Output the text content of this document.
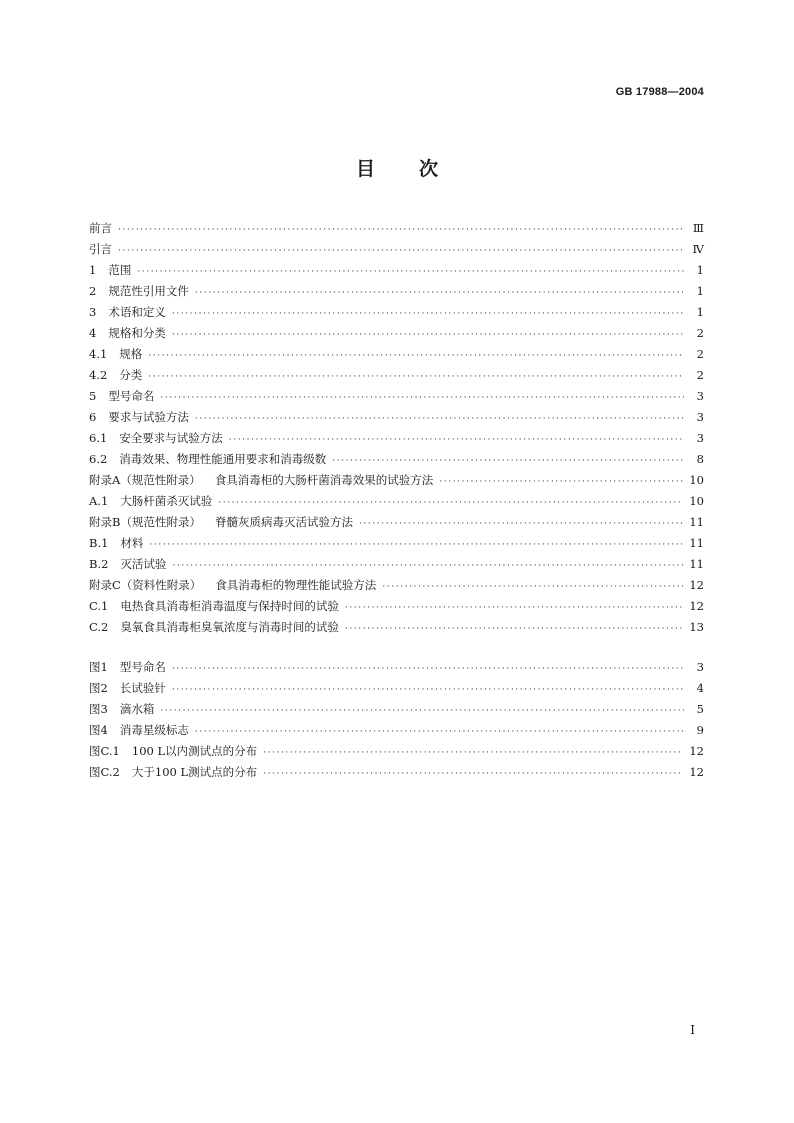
GB 17988—2004
目 次
前言 ·····	Ⅲ
引言 ·····	Ⅳ
1 范围 ·····	1
2 规范性引用文件 ·····	1
3 术语和定义 ·····	1
4 规格和分类 ·····	2
4.1 规格 ·····	2
4.2 分类 ·····	2
5 型号命名 ·····	3
6 要求与试验方法 ·····	3
6.1 安全要求与试验方法 ·····	3
6.2 消毒效果、物理性能通用要求和消毒级数 ·····	8
附录A（规范性附录） 食具消毒柜的大肠杆菌消毒效果的试验方法 ·····	10
A.1 大肠杆菌杀灭试验 ·····	10
附录B（规范性附录） 脊髓灰质病毒灭活试验方法 ·····	11
B.1 材料 ·····	11
B.2 灭活试验 ·····	11
附录C（资料性附录） 食具消毒柜的物理性能试验方法 ·····	12
C.1 电热食具消毒柜消毒温度与保持时间的试验 ·····	12
C.2 臭氧食具消毒柜臭氧浓度与消毒时间的试验 ·····	13
图1 型号命名 ·····	3
图2 长试验针 ·····	4
图3 滴水箱 ·····	5
图4 消毒星级标志 ·····	9
图C.1 100 L以内测试点的分布 ·····	12
图C.2 大于100 L测试点的分布 ·····	12
I
